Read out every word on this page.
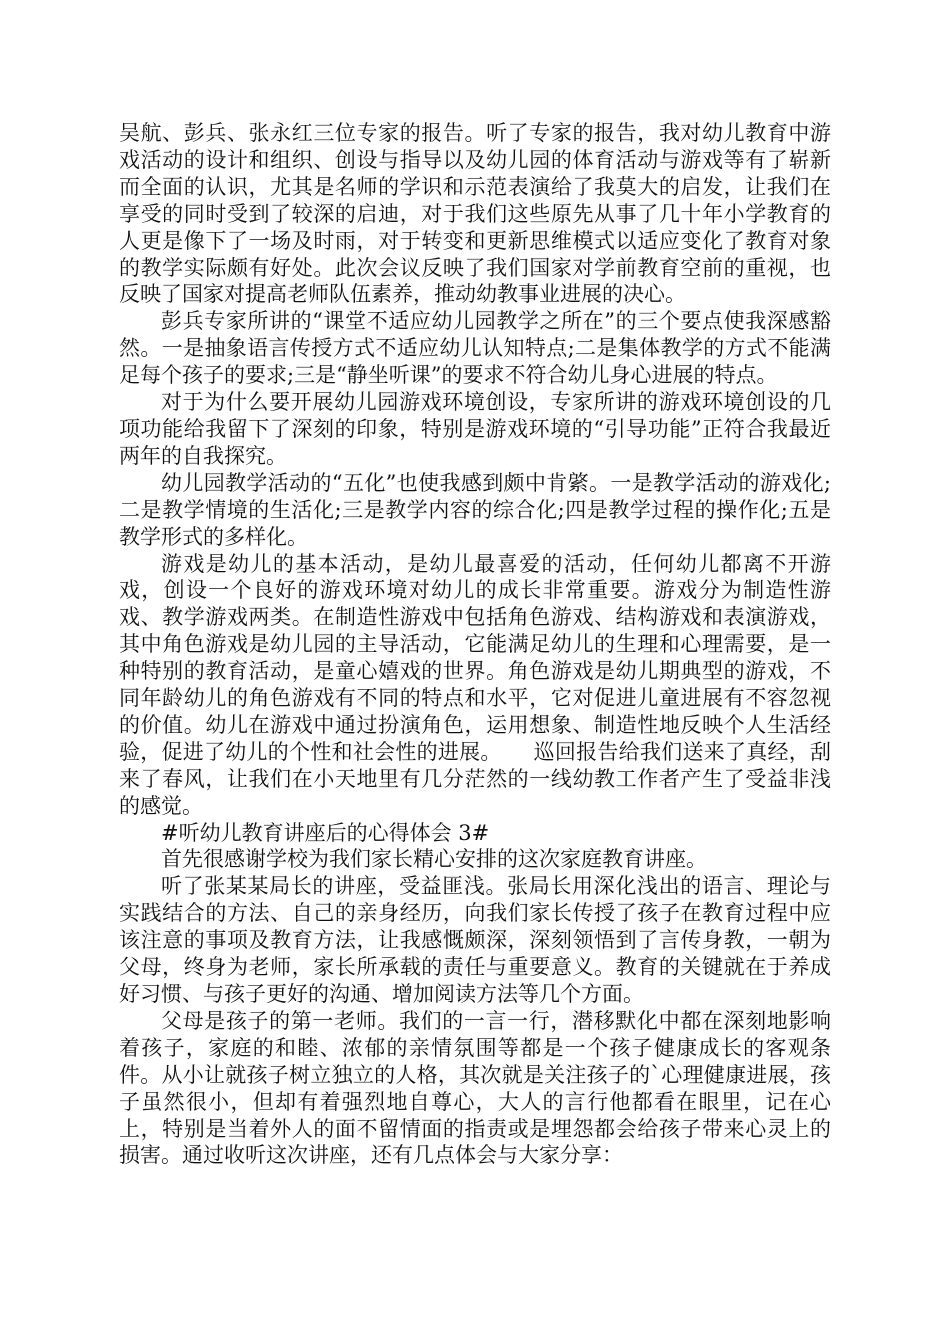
吴航、彭兵、张永红三位专家的报告。听了专家的报告，我对幼儿教育中游戏活动的设计和组织、创设与指导以及幼儿园的体育活动与游戏等有了崭新而全面的认识，尤其是名师的学识和示范表演给了我莫大的启发，让我们在享受的同时受到了较深的启迪，对于我们这些原先从事了几十年小学教育的人更是像下了一场及时雨，对于转变和更新思维模式以适应变化了教育对象的教学实际颇有好处。此次会议反映了我们国家对学前教育空前的重视，也反映了国家对提高老师队伍素养，推动幼教事业进展的决心。

彭兵专家所讲的“课堂不适应幼儿园教学之所在”的三个要点使我深感豁然。一是抽象语言传授方式不适应幼儿认知特点;二是集体教学的方式不能满足每个孩子的要求;三是“静坐听课”的要求不符合幼儿身心进展的特点。

对于为什么要开展幼儿园游戏环境创设，专家所讲的游戏环境创设的几项功能给我留下了深刻的印象，特别是游戏环境的“引导功能”正符合我最近两年的自我探究。

幼儿园教学活动的“五化”也使我感到颇中肯綮。一是教学活动的游戏化;二是教学情境的生活化;三是教学内容的综合化;四是教学过程的操作化;五是教学形式的多样化。

游戏是幼儿的基本活动，是幼儿最喜爱的活动，任何幼儿都离不开游戏，创设一个良好的游戏环境对幼儿的成长非常重要。游戏分为制造性游戏、教学游戏两类。在制造性游戏中包括角色游戏、结构游戏和表演游戏，其中角色游戏是幼儿园的主导活动，它能满足幼儿的生理和心理需要，是一种特别的教育活动，是童心嬉戏的世界。角色游戏是幼儿期典型的游戏，不同年龄幼儿的角色游戏有不同的特点和水平，它对促进儿童进展有不容忽视的价值。幼儿在游戏中通过扮演角色，运用想象、制造性地反映个人生活经验，促进了幼儿的个性和社会性的进展。　　巡回报告给我们送来了真经，刮来了春风，让我们在小天地里有几分茫然的一线幼教工作者产生了受益非浅的感觉。

#听幼儿教育讲座后的心得体会 3#

首先很感谢学校为我们家长精心安排的这次家庭教育讲座。

听了张某某局长的讲座，受益匪浅。张局长用深化浅出的语言、理论与实践结合的方法、自己的亲身经历，向我们家长传授了孩子在教育过程中应该注意的事项及教育方法，让我感慨颇深，深刻领悟到了言传身教，一朝为父母，终身为老师，家长所承载的责任与重要意义。教育的关键就在于养成好习惯、与孩子更好的沟通、增加阅读方法等几个方面。

父母是孩子的第一老师。我们的一言一行，潜移默化中都在深刻地影响着孩子，家庭的和睦、浓郁的亲情氛围等都是一个孩子健康成长的客观条件。从小让就孩子树立独立的人格，其次就是关注孩子的`心理健康进展，孩子虽然很小，但却有着强烈地自尊心，大人的言行他都看在眼里，记在心上，特别是当着外人的面不留情面的指责或是埋怨都会给孩子带来心灵上的损害。通过收听这次讲座，还有几点体会与大家分享：
